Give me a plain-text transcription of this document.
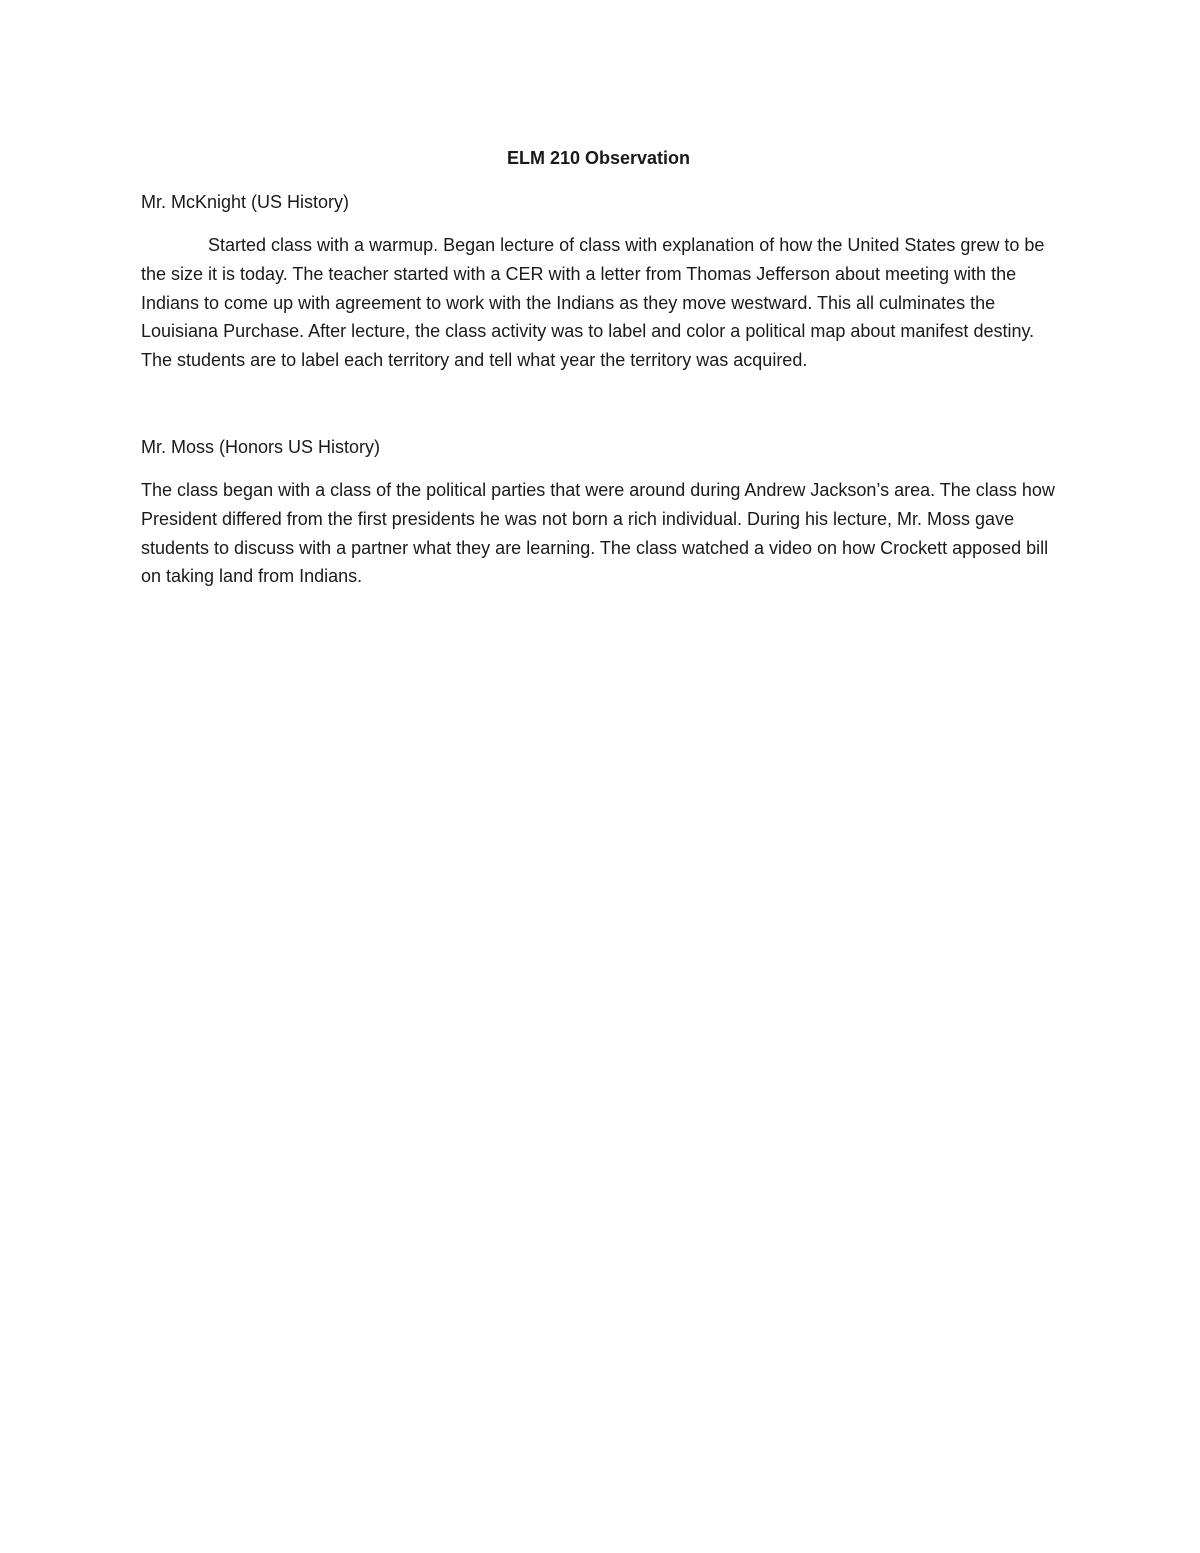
ELM 210 Observation
Mr. McKnight (US History)

Started class with a warmup. Began lecture of class with explanation of how the United States grew to be the size it is today. The teacher started with a CER with a letter from Thomas Jefferson about meeting with the Indians to come up with agreement to work with the Indians as they move westward. This all culminates the Louisiana Purchase. After lecture, the class activity was to label and color a political map about manifest destiny. The students are to label each territory and tell what year the territory was acquired.

Mr. Moss (Honors US History)

The class began with a class of the political parties that were around during Andrew Jackson’s area. The class how President differed from the first presidents he was not born a rich individual. During his lecture, Mr. Moss gave students to discuss with a partner what they are learning. The class watched a video on how Crockett apposed bill on taking land from Indians.
